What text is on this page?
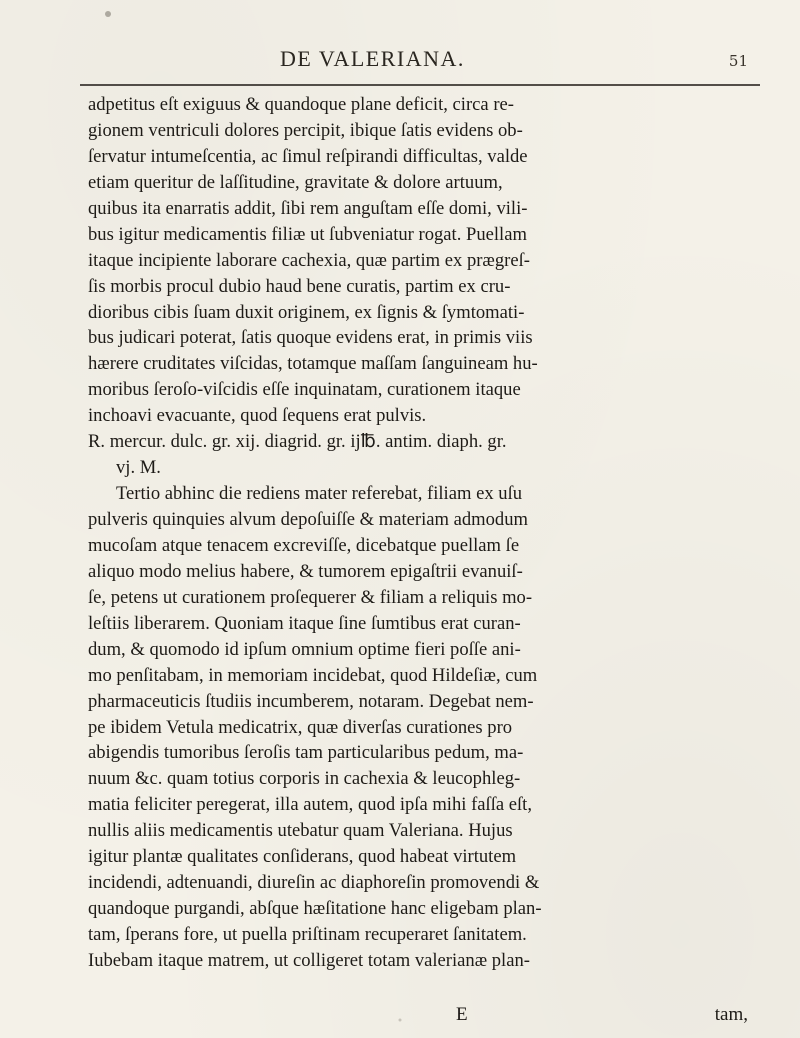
DE VALERIANA.	51
adpetitus eſt exiguus & quandoque plane deficit, circa re-
gionem ventriculi dolores percipit, ibique ſatis evidens ob-
ſervatur intumeſcentia, ac ſimul reſpirandi difficultas, valde
etiam queritur de laſſitudine, gravitate & dolore artuum,
quibus ita enarratis addit, ſibi rem anguſtam eſſe domi, vili-
bus igitur medicamentis filiæ ut ſubveniatur rogat. Puellam
itaque incipiente laborare cachexia, quæ partim ex prægreſ-
ſis morbis procul dubio haud bene curatis, partim ex cru-
dioribus cibis ſuam duxit originem, ex ſignis & ſymtomati-
bus judicari poterat, ſatis quoque evidens erat, in primis viis
hærere cruditates viſcidas, totamque maſſam ſanguineam hu-
moribus ſeroſo-viſcidis eſſe inquinatam, curationem itaque
inchoavi evacuante, quod ſequens erat pulvis.
R. mercur. dulc. gr. xij. diagrid. gr. ij℔. antim. diaph. gr.
vj. M.
Tertio abhinc die rediens mater referebat, filiam ex uſu
pulveris quinquies alvum depoſuiſſe & materiam admodum
mucoſam atque tenacem excreviſſe, dicebatque puellam ſe
aliquo modo melius habere, & tumorem epigaſtrii evanuiſ-
ſe, petens ut curationem proſequerer & filiam a reliquis mo-
leſtiis liberarem. Quoniam itaque ſine ſumtibus erat curan-
dum, & quomodo id ipſum omnium optime fieri poſſe ani-
mo penſitabam, in memoriam incidebat, quod Hildeſiæ, cum
pharmaceuticis ſtudiis incumberem, notaram. Degebat nem-
pe ibidem Vetula medicatrix, quæ diverſas curationes pro
abigendis tumoribus ſeroſis tam particularibus pedum, ma-
nuum &c. quam totius corporis in cachexia & leucophleg-
matia feliciter peregerat, illa autem, quod ipſa mihi faſſa eſt,
nullis aliis medicamentis utebatur quam Valeriana. Hujus
igitur plantæ qualitates conſiderans, quod habeat virtutem
incidendi, adtenuandi, diureſin ac diaphoreſin promovendi &
quandoque purgandi, abſque hæſitatione hanc eligebam plan-
tam, ſperans fore, ut puella priſtinam recuperaret ſanitatem.
Iubebam itaque matrem, ut colligeret totam valerianæ plan-
E	tam,
